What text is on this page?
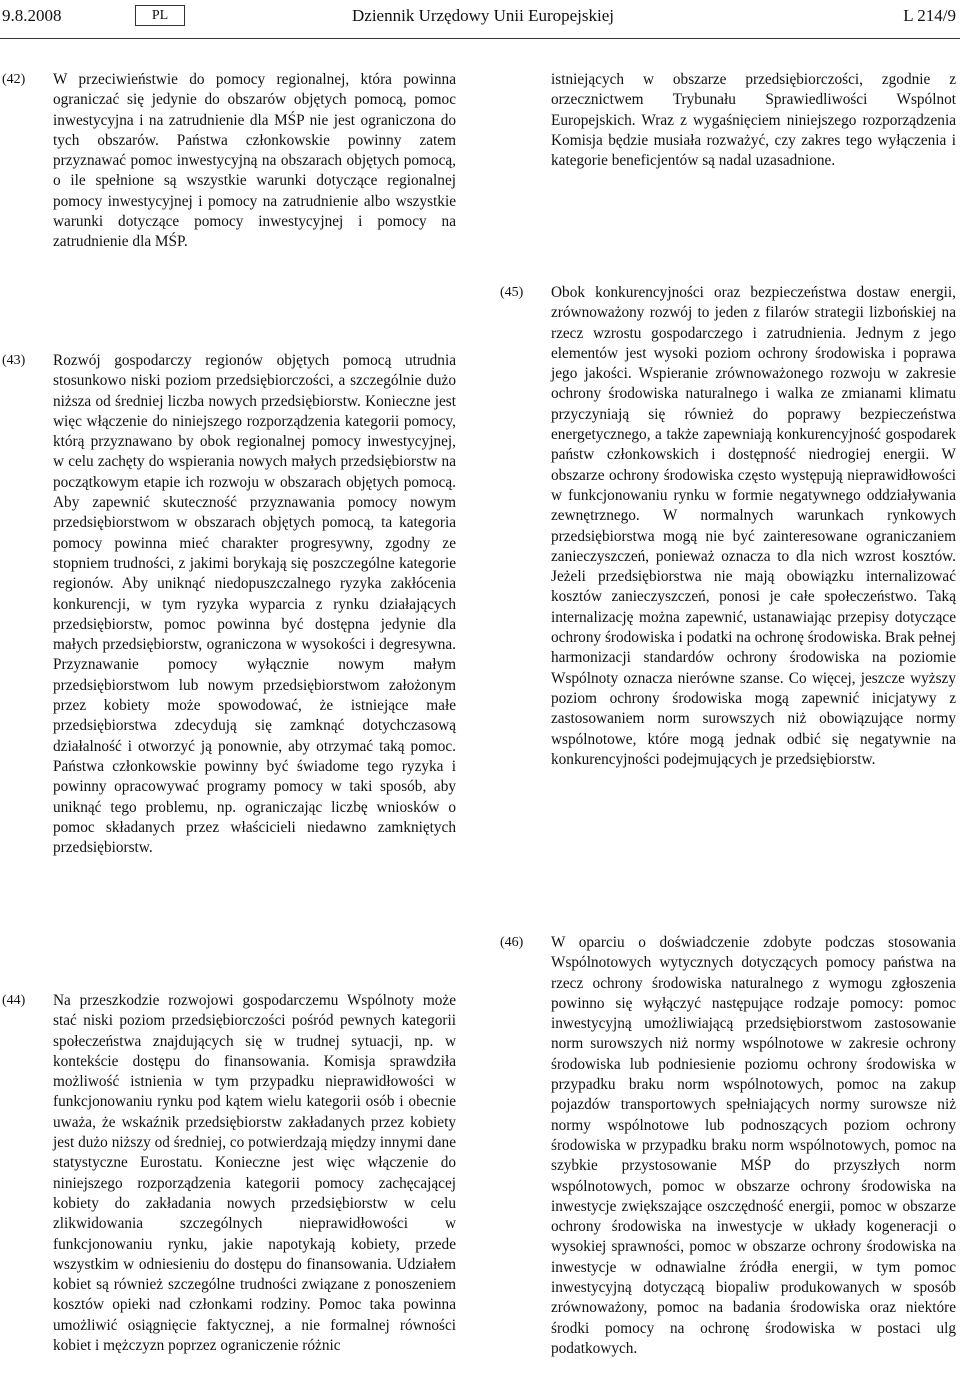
9.8.2008	PL	Dziennik Urzędowy Unii Europejskiej	L 214/9
(42) W przeciwieństwie do pomocy regionalnej, która powinna ograniczać się jedynie do obszarów objętych pomocą, pomoc inwestycyjna i na zatrudnienie dla MŚP nie jest ograniczona do tych obszarów. Państwa członkowskie powinny zatem przyznawać pomoc inwestycyjną na obszarach objętych pomocą, o ile spełnione są wszystkie warunki dotyczące regionalnej pomocy inwestycyjnej i pomocy na zatrudnienie albo wszystkie warunki dotyczące pomocy inwestycyjnej i pomocy na zatrudnienie dla MŚP.
(43) Rozwój gospodarczy regionów objętych pomocą utrudnia stosunkowo niski poziom przedsiębiorczości, a szczególnie dużo niższa od średniej liczba nowych przedsiębiorstw. Konieczne jest więc włączenie do niniejszego rozporządzenia kategorii pomocy, którą przyznawano by obok regionalnej pomocy inwestycyjnej, w celu zachęty do wspierania nowych małych przedsiębiorstw na początkowym etapie ich rozwoju w obszarach objętych pomocą. Aby zapewnić skuteczność przyznawania pomocy nowym przedsiębiorstwom w obszarach objętych pomocą, ta kategoria pomocy powinna mieć charakter progresywny, zgodny ze stopniem trudności, z jakimi borykają się poszczególne kategorie regionów. Aby uniknąć niedopuszczalnego ryzyka zakłócenia konkurencji, w tym ryzyka wyparcia z rynku działających przedsiębiorstw, pomoc powinna być dostępna jedynie dla małych przedsiębiorstw, ograniczona w wysokości i degresywna. Przyznawanie pomocy wyłącznie nowym małym przedsiębiorstwom lub nowym przedsiębiorstwom założonym przez kobiety może spowodować, że istniejące małe przedsiębiorstwa zdecydują się zamknąć dotychczasową działalność i otworzyć ją ponownie, aby otrzymać taką pomoc. Państwa członkowskie powinny być świadome tego ryzyka i powinny opracowywać programy pomocy w taki sposób, aby uniknąć tego problemu, np. ograniczając liczbę wniosków o pomoc składanych przez właścicieli niedawno zamkniętych przedsiębiorstw.
(44) Na przeszkodzie rozwojowi gospodarczemu Wspólnoty może stać niski poziom przedsiębiorczości pośród pewnych kategorii społeczeństwa znajdujących się w trudnej sytuacji, np. w kontekście dostępu do finansowania. Komisja sprawdziła możliwość istnienia w tym przypadku nieprawidłowości w funkcjonowaniu rynku pod kątem wielu kategorii osób i obecnie uważa, że wskaźnik przedsiębiorstw zakładanych przez kobiety jest dużo niższy od średniej, co potwierdzają między innymi dane statystyczne Eurostatu. Konieczne jest więc włączenie do niniejszego rozporządzenia kategorii pomocy zachęcającej kobiety do zakładania nowych przedsiębiorstw w celu zlikwidowania szczególnych nieprawidłowości w funkcjonowaniu rynku, jakie napotykają kobiety, przede wszystkim w odniesieniu do dostępu do finansowania. Udziałem kobiet są również szczególne trudności związane z ponoszeniem kosztów opieki nad członkami rodziny. Pomoc taka powinna umożliwić osiągnięcie faktycznej, a nie formalnej równości kobiet i mężczyzn poprzez ograniczenie różnic
istniejących w obszarze przedsiębiorczości, zgodnie z orzecznictwem Trybunału Sprawiedliwości Wspólnot Europejskich. Wraz z wygaśnięciem niniejszego rozporządzenia Komisja będzie musiała rozważyć, czy zakres tego wyłączenia i kategorie beneficjentów są nadal uzasadnione.
(45) Obok konkurencyjności oraz bezpieczeństwa dostaw energii, zrównoważony rozwój to jeden z filarów strategii lizbońskiej na rzecz wzrostu gospodarczego i zatrudnienia. Jednym z jego elementów jest wysoki poziom ochrony środowiska i poprawa jego jakości. Wspieranie zrównoważonego rozwoju w zakresie ochrony środowiska naturalnego i walka ze zmianami klimatu przyczyniają się również do poprawy bezpieczeństwa energetycznego, a także zapewniają konkurencyjność gospodarek państw członkowskich i dostępność niedrogiej energii. W obszarze ochrony środowiska często występują nieprawidłowości w funkcjonowaniu rynku w formie negatywnego oddziaływania zewnętrznego. W normalnych warunkach rynkowych przedsiębiorstwa mogą nie być zainteresowane ograniczaniem zanieczyszczeń, ponieważ oznacza to dla nich wzrost kosztów. Jeżeli przedsiębiorstwa nie mają obowiązku internalizować kosztów zanieczyszczeń, ponosi je całe społeczeństwo. Taką internalizację można zapewnić, ustanawiając przepisy dotyczące ochrony środowiska i podatki na ochronę środowiska. Brak pełnej harmonizacji standardów ochrony środowiska na poziomie Wspólnoty oznacza nierówne szanse. Co więcej, jeszcze wyższy poziom ochrony środowiska mogą zapewnić inicjatywy z zastosowaniem norm surowszych niż obowiązujące normy wspólnotowe, które mogą jednak odbić się negatywnie na konkurencyjności podejmujących je przedsiębiorstw.
(46) W oparciu o doświadczenie zdobyte podczas stosowania Wspólnotowych wytycznych dotyczących pomocy państwa na rzecz ochrony środowiska naturalnego z wymogu zgłoszenia powinno się wyłączyć następujące rodzaje pomocy: pomoc inwestycyjną umożliwiającą przedsiębiorstwom zastosowanie norm surowszych niż normy wspólnotowe w zakresie ochrony środowiska lub podniesienie poziomu ochrony środowiska w przypadku braku norm wspólnotowych, pomoc na zakup pojazdów transportowych spełniających normy surowsze niż normy wspólnotowe lub podnoszących poziom ochrony środowiska w przypadku braku norm wspólnotowych, pomoc na szybkie przystosowanie MŚP do przyszłych norm wspólnotowych, pomoc w obszarze ochrony środowiska na inwestycje zwiększające oszczędność energii, pomoc w obszarze ochrony środowiska na inwestycje w układy kogeneracji o wysokiej sprawności, pomoc w obszarze ochrony środowiska na inwestycje w odnawialne źródła energii, w tym pomoc inwestycyjną dotyczącą biopaliw produkowanych w sposób zrównoważony, pomoc na badania środowiska oraz niektóre środki pomocy na ochronę środowiska w postaci ulg podatkowych.
